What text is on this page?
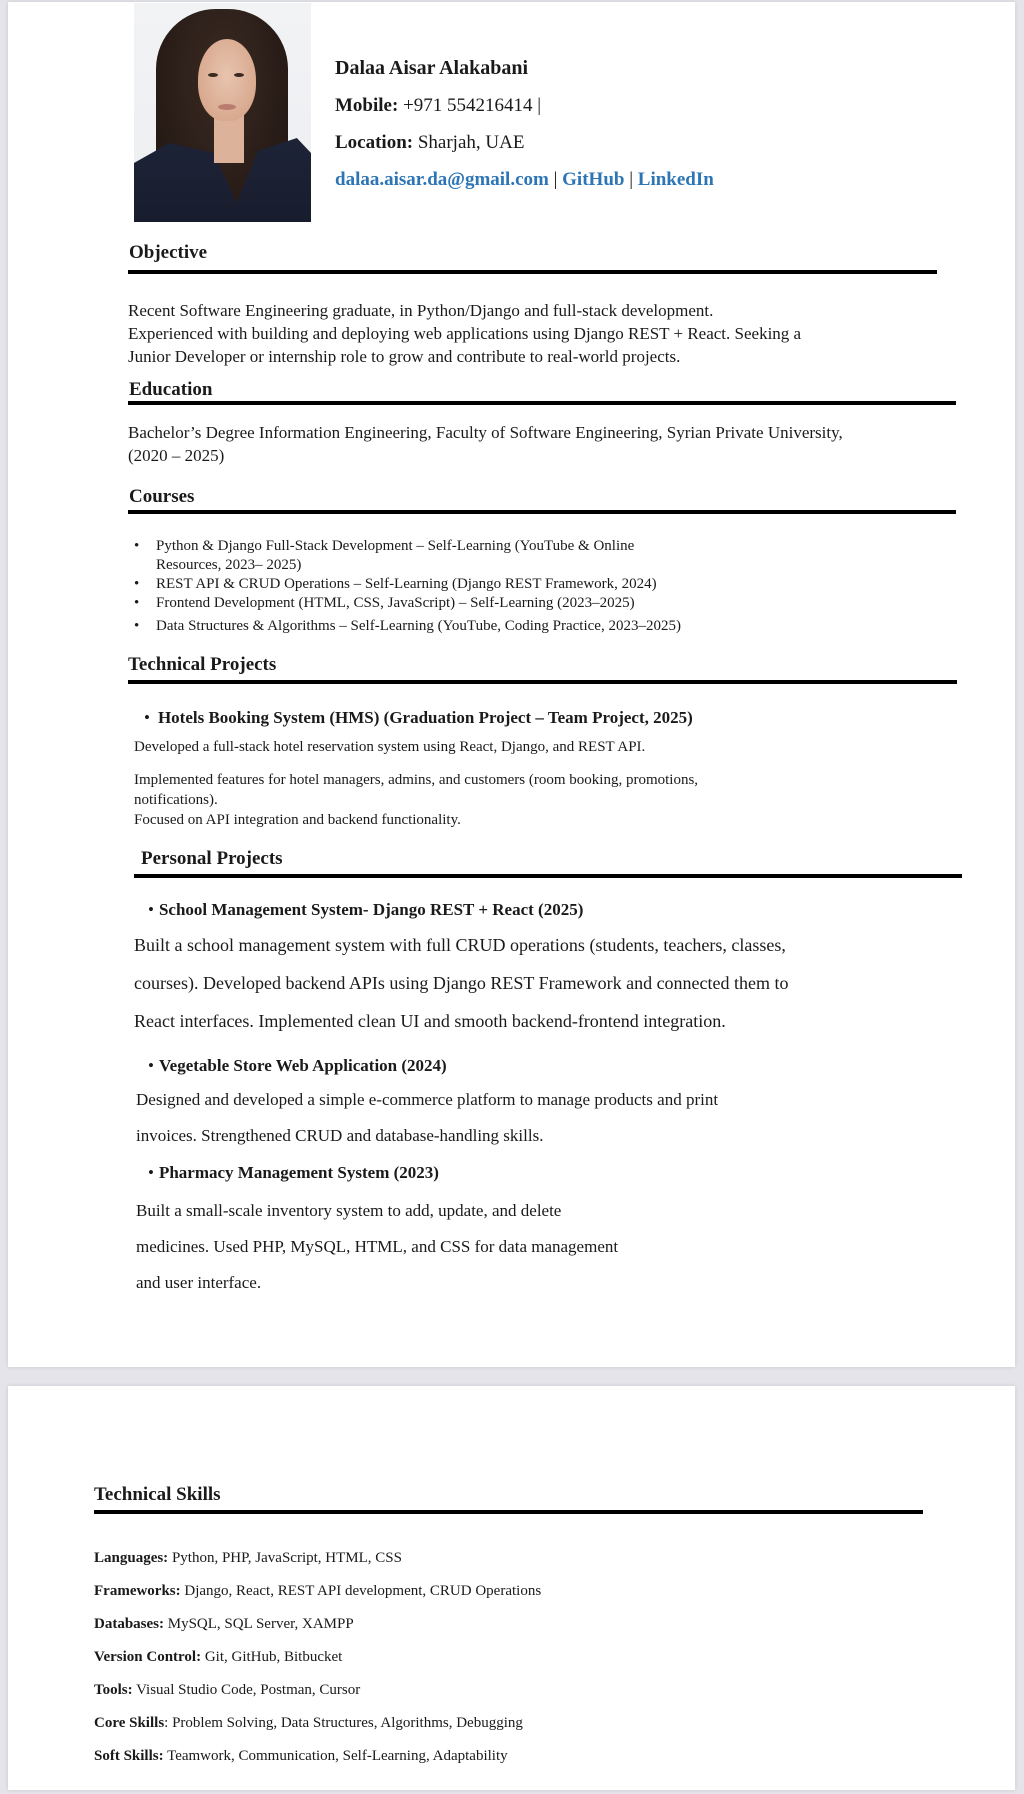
Dalaa Aisar Alakabani
Mobile: +971 554216414 |
Location: Sharjah, UAE
dalaa.aisar.da@gmail.com | GitHub | LinkedIn
Objective
Recent Software Engineering graduate, in Python/Django and full-stack development.
Experienced with building and deploying web applications using Django REST + React. Seeking a
Junior Developer or internship role to grow and contribute to real-world projects.
Education
Bachelor’s Degree Information Engineering, Faculty of Software Engineering, Syrian Private University,
(2020 – 2025)
Courses
• Python & Django Full-Stack Development – Self-Learning (YouTube & Online
Resources, 2023– 2025)
• REST API & CRUD Operations – Self-Learning (Django REST Framework, 2024)
• Frontend Development (HTML, CSS, JavaScript) – Self-Learning (2023–2025)
• Data Structures & Algorithms – Self-Learning (YouTube, Coding Practice, 2023–2025)
Technical Projects
• Hotels Booking System (HMS) (Graduation Project – Team Project, 2025)
Developed a full-stack hotel reservation system using React, Django, and REST API.
Implemented features for hotel managers, admins, and customers (room booking, promotions,
notifications).
Focused on API integration and backend functionality.
Personal Projects
• School Management System- Django REST + React (2025)
Built a school management system with full CRUD operations (students, teachers, classes,
courses). Developed backend APIs using Django REST Framework and connected them to
React interfaces. Implemented clean UI and smooth backend-frontend integration.
• Vegetable Store Web Application (2024)
Designed and developed a simple e-commerce platform to manage products and print
invoices. Strengthened CRUD and database-handling skills.
• Pharmacy Management System (2023)
Built a small-scale inventory system to add, update, and delete
medicines. Used PHP, MySQL, HTML, and CSS for data management
and user interface.
Technical Skills
Languages: Python, PHP, JavaScript, HTML, CSS
Frameworks: Django, React, REST API development, CRUD Operations
Databases: MySQL, SQL Server, XAMPP
Version Control: Git, GitHub, Bitbucket
Tools: Visual Studio Code, Postman, Cursor
Core Skills: Problem Solving, Data Structures, Algorithms, Debugging
Soft Skills: Teamwork, Communication, Self-Learning, Adaptability
